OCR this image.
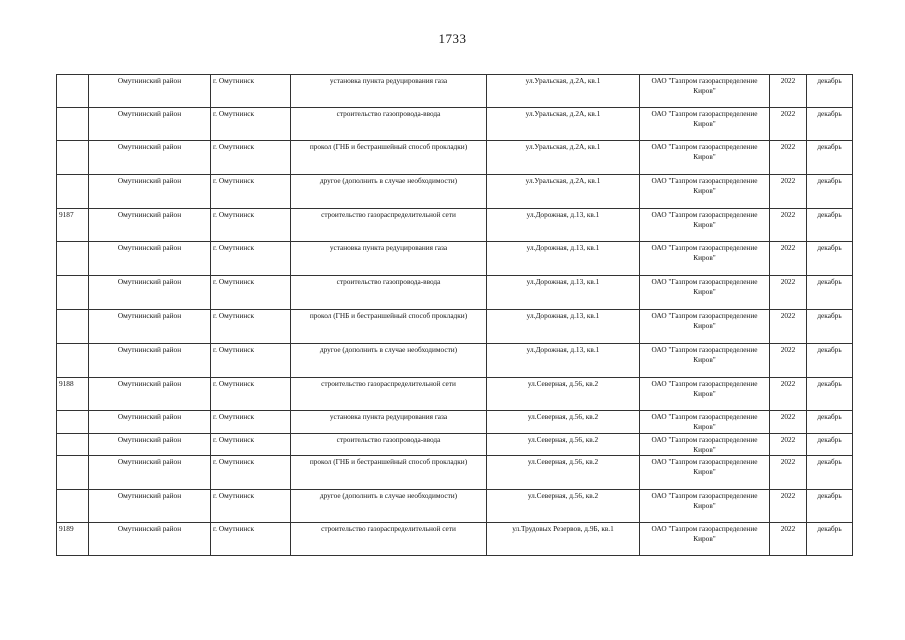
1733
	Омутнинский район	г. Омутнинск	установка пункта редуцирования газа	ул.Уральская, д.2А, кв.1	ОАО "Газпром газораспределение
Киров"	2022	декабрь
	Омутнинский район	г. Омутнинск	строительство газопровода-ввода	ул.Уральская, д.2А, кв.1	ОАО "Газпром газораспределение
Киров"	2022	декабрь
	Омутнинский район	г. Омутнинск	прокол (ГНБ и бестраншейный способ прокладки)	ул.Уральская, д.2А, кв.1	ОАО "Газпром газораспределение
Киров"	2022	декабрь
	Омутнинский район	г. Омутнинск	другое (дополнить в случае необходимости)	ул.Уральская, д.2А, кв.1	ОАО "Газпром газораспределение
Киров"	2022	декабрь
9187	Омутнинский район	г. Омутнинск	строительство газораспределительной сети	ул.Дорожная, д.13, кв.1	ОАО "Газпром газораспределение
Киров"	2022	декабрь
	Омутнинский район	г. Омутнинск	установка пункта редуцирования газа	ул.Дорожная, д.13, кв.1	ОАО "Газпром газораспределение
Киров"	2022	декабрь
	Омутнинский район	г. Омутнинск	строительство газопровода-ввода	ул.Дорожная, д.13, кв.1	ОАО "Газпром газораспределение
Киров"	2022	декабрь
	Омутнинский район	г. Омутнинск	прокол (ГНБ и бестраншейный способ прокладки)	ул.Дорожная, д.13, кв.1	ОАО "Газпром газораспределение
Киров"	2022	декабрь
	Омутнинский район	г. Омутнинск	другое (дополнить в случае необходимости)	ул.Дорожная, д.13, кв.1	ОАО "Газпром газораспределение
Киров"	2022	декабрь
9188	Омутнинский район	г. Омутнинск	строительство газораспределительной сети	ул.Северная, д.56, кв.2	ОАО "Газпром газораспределение
Киров"	2022	декабрь
	Омутнинский район	г. Омутнинск	установка пункта редуцирования газа	ул.Северная, д.56, кв.2	ОАО "Газпром газораспределение
Киров"	2022	декабрь
	Омутнинский район	г. Омутнинск	строительство газопровода-ввода	ул.Северная, д.56, кв.2	ОАО "Газпром газораспределение
Киров"	2022	декабрь
	Омутнинский район	г. Омутнинск	прокол (ГНБ и бестраншейный способ прокладки)	ул.Северная, д.56, кв.2	ОАО "Газпром газораспределение
Киров"	2022	декабрь
	Омутнинский район	г. Омутнинск	другое (дополнить в случае необходимости)	ул.Северная, д.56, кв.2	ОАО "Газпром газораспределение
Киров"	2022	декабрь
9189	Омутнинский район	г. Омутнинск	строительство газораспределительной сети	ул.Трудовых Резервов, д.9Б, кв.1	ОАО "Газпром газораспределение
Киров"	2022	декабрь
